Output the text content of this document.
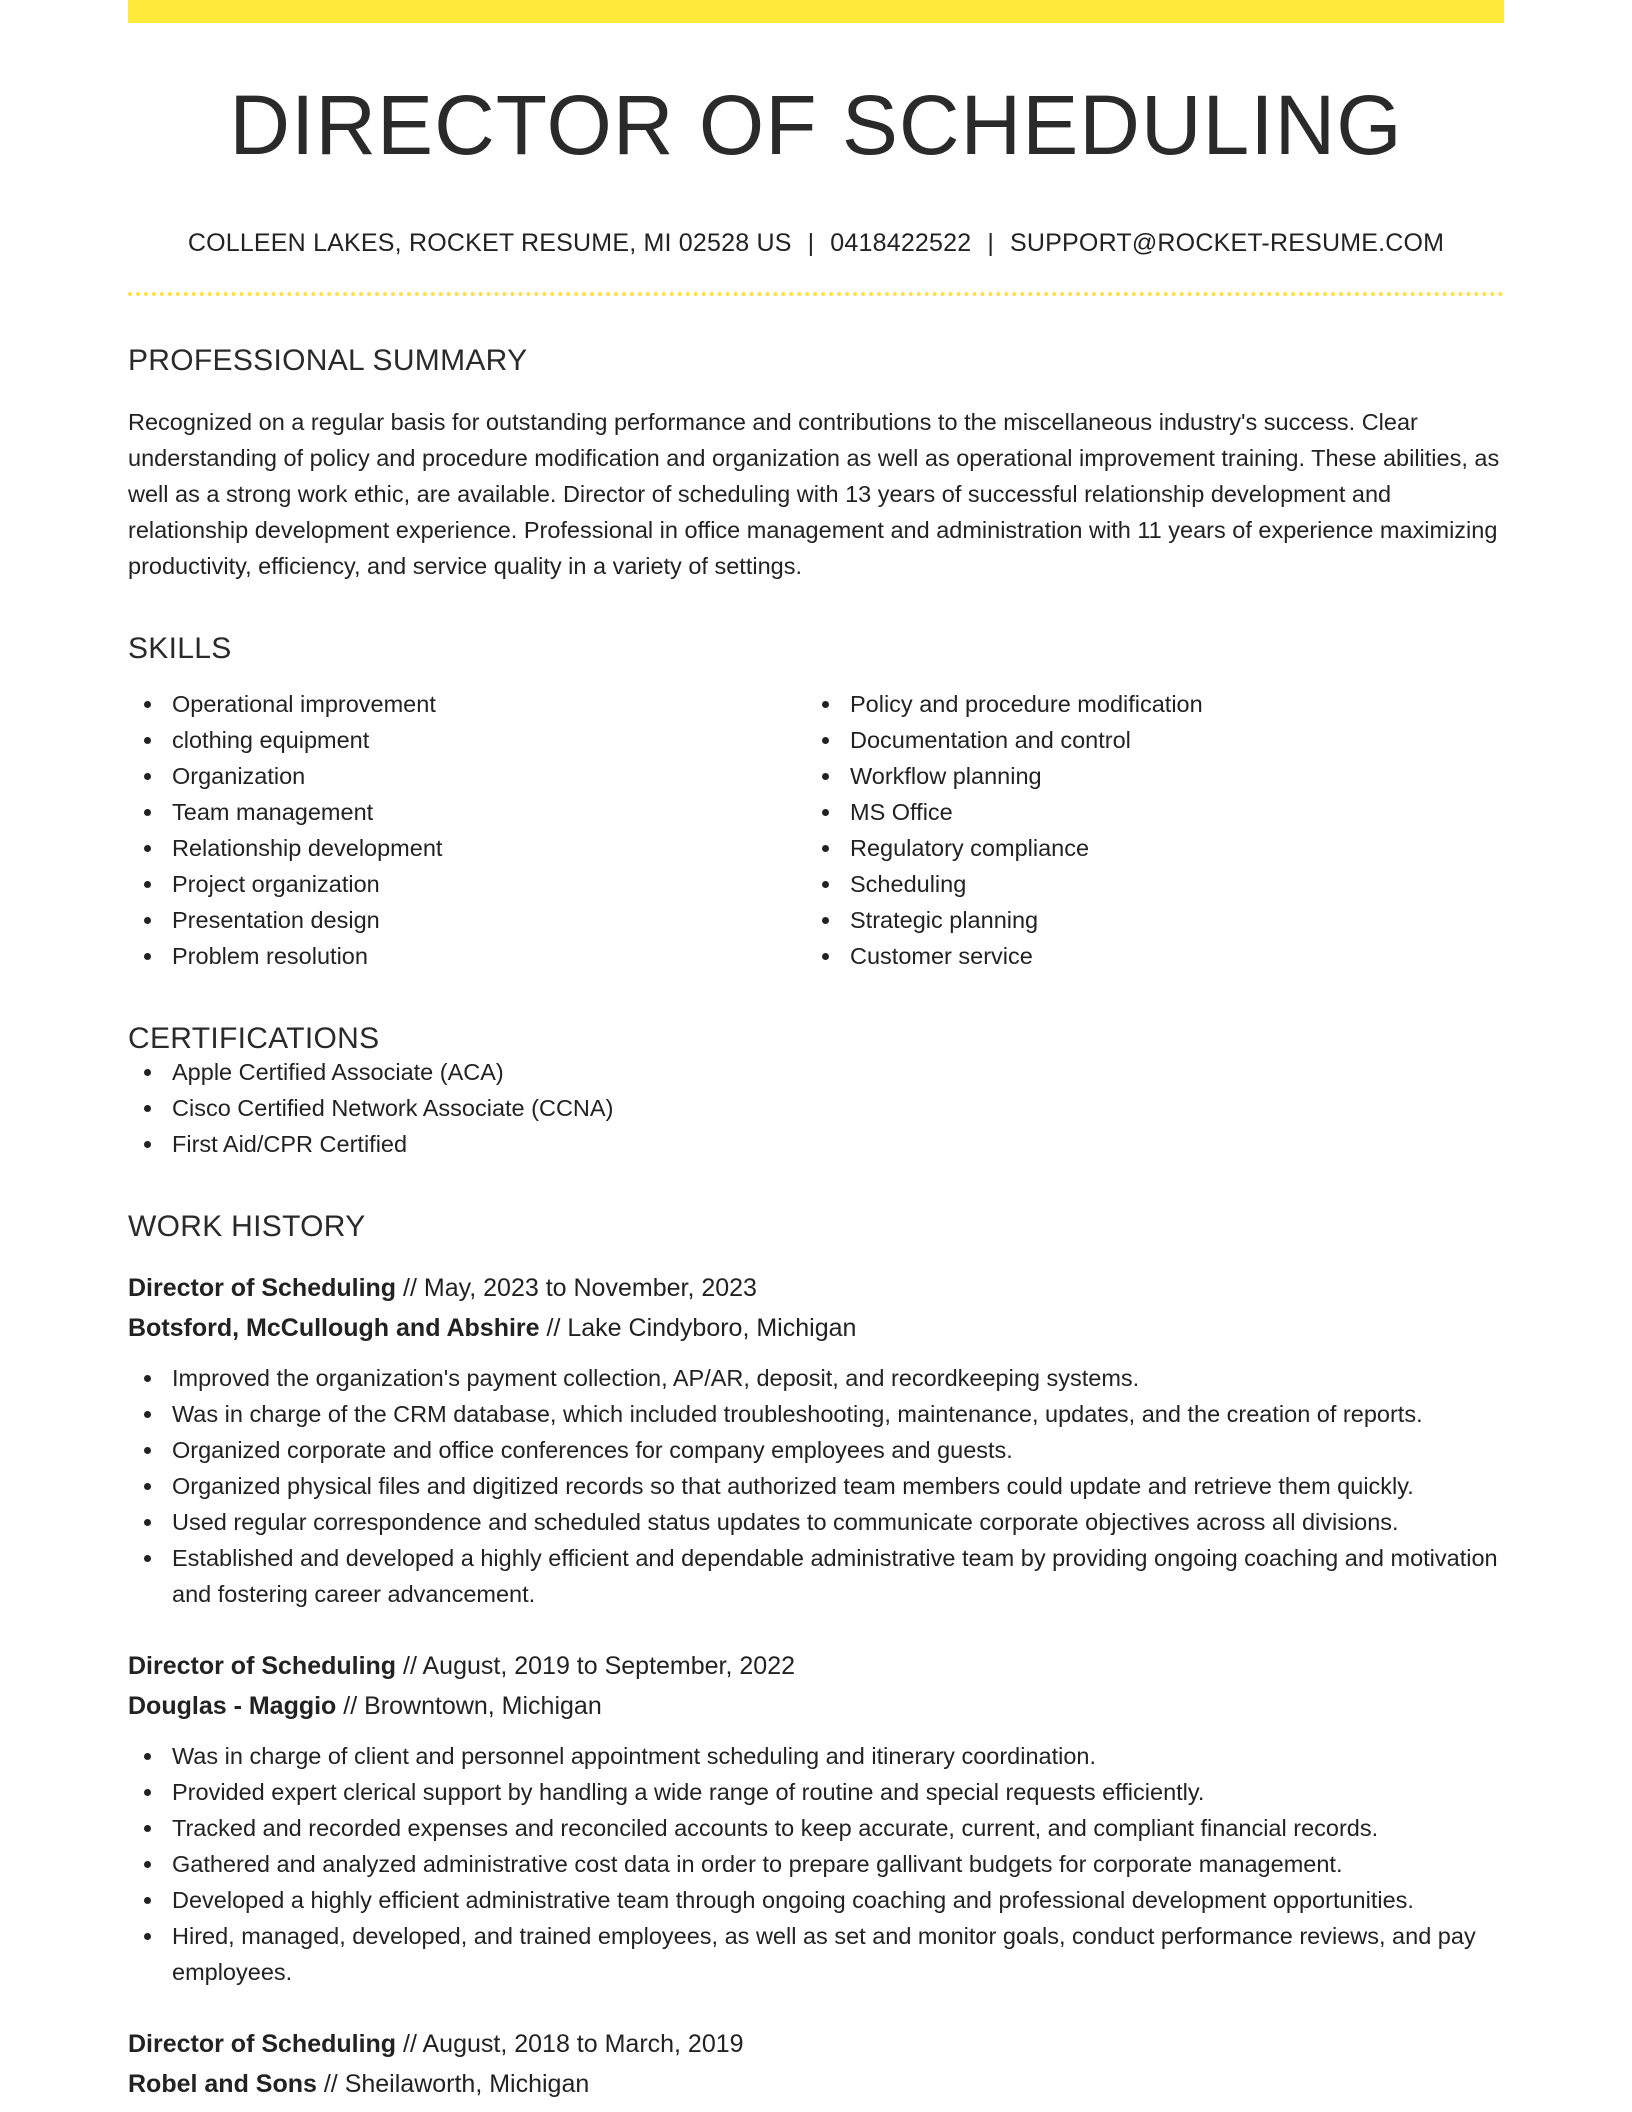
DIRECTOR OF SCHEDULING
COLLEEN LAKES, ROCKET RESUME, MI 02528 US | 0418422522 | SUPPORT@ROCKET-RESUME.COM
PROFESSIONAL SUMMARY

Recognized on a regular basis for outstanding performance and contributions to the miscellaneous industry's success. Clear understanding of policy and procedure modification and organization as well as operational improvement training. These abilities, as well as a strong work ethic, are available. Director of scheduling with 13 years of successful relationship development and relationship development experience. Professional in office management and administration with 11 years of experience maximizing productivity, efficiency, and service quality in a variety of settings.

SKILLS
Operational improvement
clothing equipment
Organization
Team management
Relationship development
Project organization
Presentation design
Problem resolution
Policy and procedure modification
Documentation and control
Workflow planning
MS Office
Regulatory compliance
Scheduling
Strategic planning
Customer service
CERTIFICATIONS
Apple Certified Associate (ACA)
Cisco Certified Network Associate (CCNA)
First Aid/CPR Certified
WORK HISTORY
Director of Scheduling // May, 2023 to November, 2023
Botsford, McCullough and Abshire // Lake Cindyboro, Michigan
Improved the organization's payment collection, AP/AR, deposit, and recordkeeping systems.
Was in charge of the CRM database, which included troubleshooting, maintenance, updates, and the creation of reports.
Organized corporate and office conferences for company employees and guests.
Organized physical files and digitized records so that authorized team members could update and retrieve them quickly.
Used regular correspondence and scheduled status updates to communicate corporate objectives across all divisions.
Established and developed a highly efficient and dependable administrative team by providing ongoing coaching and motivation and fostering career advancement.
Director of Scheduling // August, 2019 to September, 2022
Douglas - Maggio // Browntown, Michigan
Was in charge of client and personnel appointment scheduling and itinerary coordination.
Provided expert clerical support by handling a wide range of routine and special requests efficiently.
Tracked and recorded expenses and reconciled accounts to keep accurate, current, and compliant financial records.
Gathered and analyzed administrative cost data in order to prepare gallivant budgets for corporate management.
Developed a highly efficient administrative team through ongoing coaching and professional development opportunities.
Hired, managed, developed, and trained employees, as well as set and monitor goals, conduct performance reviews, and pay employees.
Director of Scheduling // August, 2018 to March, 2019
Robel and Sons // Sheilaworth, Michigan
